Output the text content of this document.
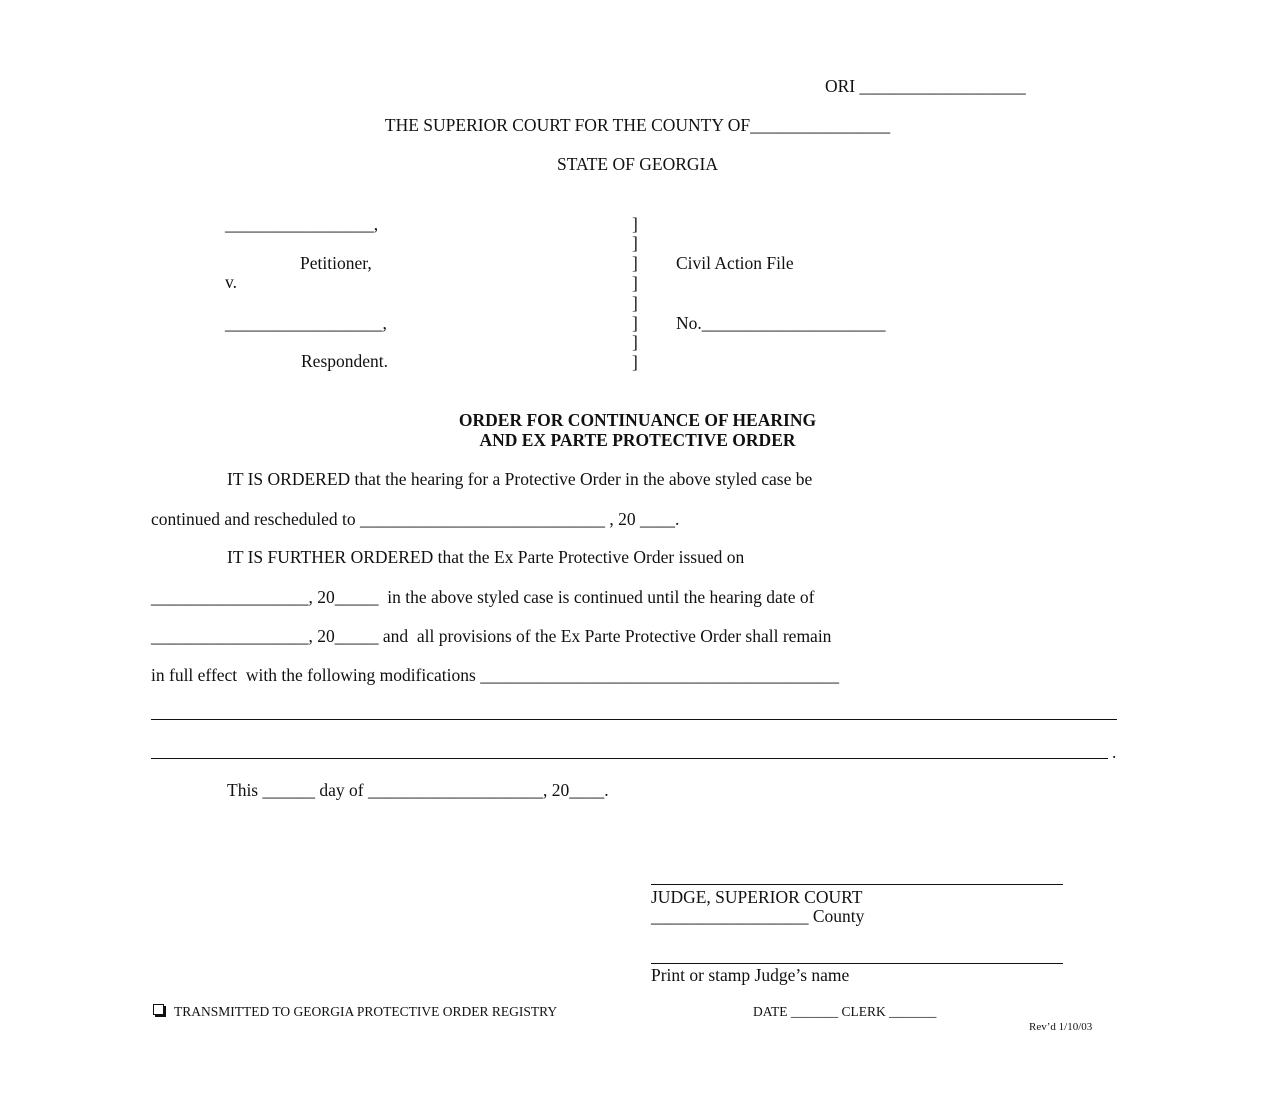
ORI ___________________
THE SUPERIOR COURT FOR THE COUNTY OF________________
STATE OF GEORGIA
_________________,
Petitioner,
v.
__________________,
Respondent.
]
]
]
]
]
]
]
]
Civil Action File
No._____________________
ORDER FOR CONTINUANCE OF HEARING
AND EX PARTE PROTECTIVE ORDER
IT IS ORDERED that the hearing for a Protective Order in the above styled case be
continued and rescheduled to ____________________________ , 20 ____.
IT IS FURTHER ORDERED that the Ex Parte Protective Order issued on
__________________, 20_____  in the above styled case is continued until the hearing date of
__________________, 20_____ and  all provisions of the Ex Parte Protective Order shall remain
in full effect  with the following modifications _________________________________________
.
This ______ day of ____________________, 20____.
JUDGE, SUPERIOR COURT
__________________ County
Print or stamp Judge’s name
TRANSMITTED TO GEORGIA PROTECTIVE ORDER REGISTRY	DATE _______ CLERK _______
Rev’d 1/10/03
